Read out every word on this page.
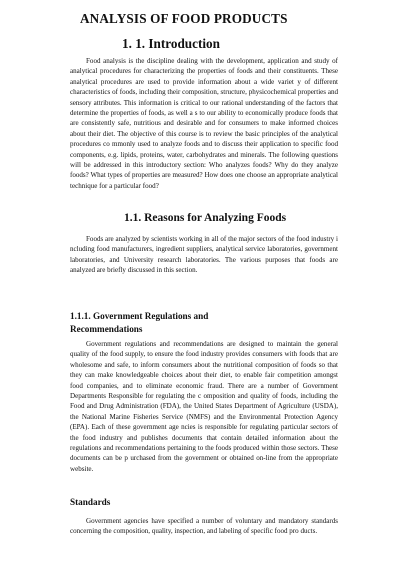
ANALYSIS OF FOOD PRODUCTS
1. 1. Introduction
Food analysis is the discipline dealing with the development, application and study of analytical procedures for characterizing the properties of foods and their constituents. These analytical procedures are used to provide information about a wide variet y of different characteristics of foods, including their composition, structure, physicochemical properties and sensory attributes. This information is critical to our rational understanding of the factors that determine the properties of foods, as well a s to our ability to economically produce foods that are consistently safe, nutritious and desirable and for consumers to make informed choices about their diet. The objective of this course is to review the basic principles of the analytical procedures co mmonly used to analyze foods and to discuss their application to specific food components, e.g. lipids, proteins, water, carbohydrates and minerals. The following questions will be addressed in this introductory section: Who analyzes foods? Why do they analyze foods? What types of properties are measured? How does one choose an appropriate analytical technique for a particular food?
1.1. Reasons for Analyzing Foods
Foods are analyzed by scientists working in all of the major sectors of the food industry i ncluding food manufacturers, ingredient suppliers, analytical service laboratories, government laboratories, and University research laboratories. The various purposes that foods are analyzed are briefly discussed in this section.
1.1.1. Government Regulations and Recommendations
Government regulations and recommendations are designed to maintain the general quality of the food supply, to ensure the food industry provides consumers with foods that are wholesome and safe, to inform consumers about the nutritional composition of foods so that they can make knowledgeable choices about their diet, to enable fair competition amongst food companies, and to eliminate economic fraud. There are a number of Government Departments Responsible for regulating the c omposition and quality of foods, including the Food and Drug Administration (FDA), the United States Department of Agriculture (USDA), the National Marine Fisheries Service (NMFS) and the Environmental Protection Agency (EPA). Each of these government age ncies is responsible for regulating particular sectors of the food industry and publishes documents that contain detailed information about the regulations and recommendations pertaining to the foods produced within those sectors. These documents can be p urchased from the government or obtained on-line from the appropriate website.
Standards
Government agencies have specified a number of voluntary and mandatory standards concerning the composition, quality, inspection, and labeling of specific food pro ducts.
